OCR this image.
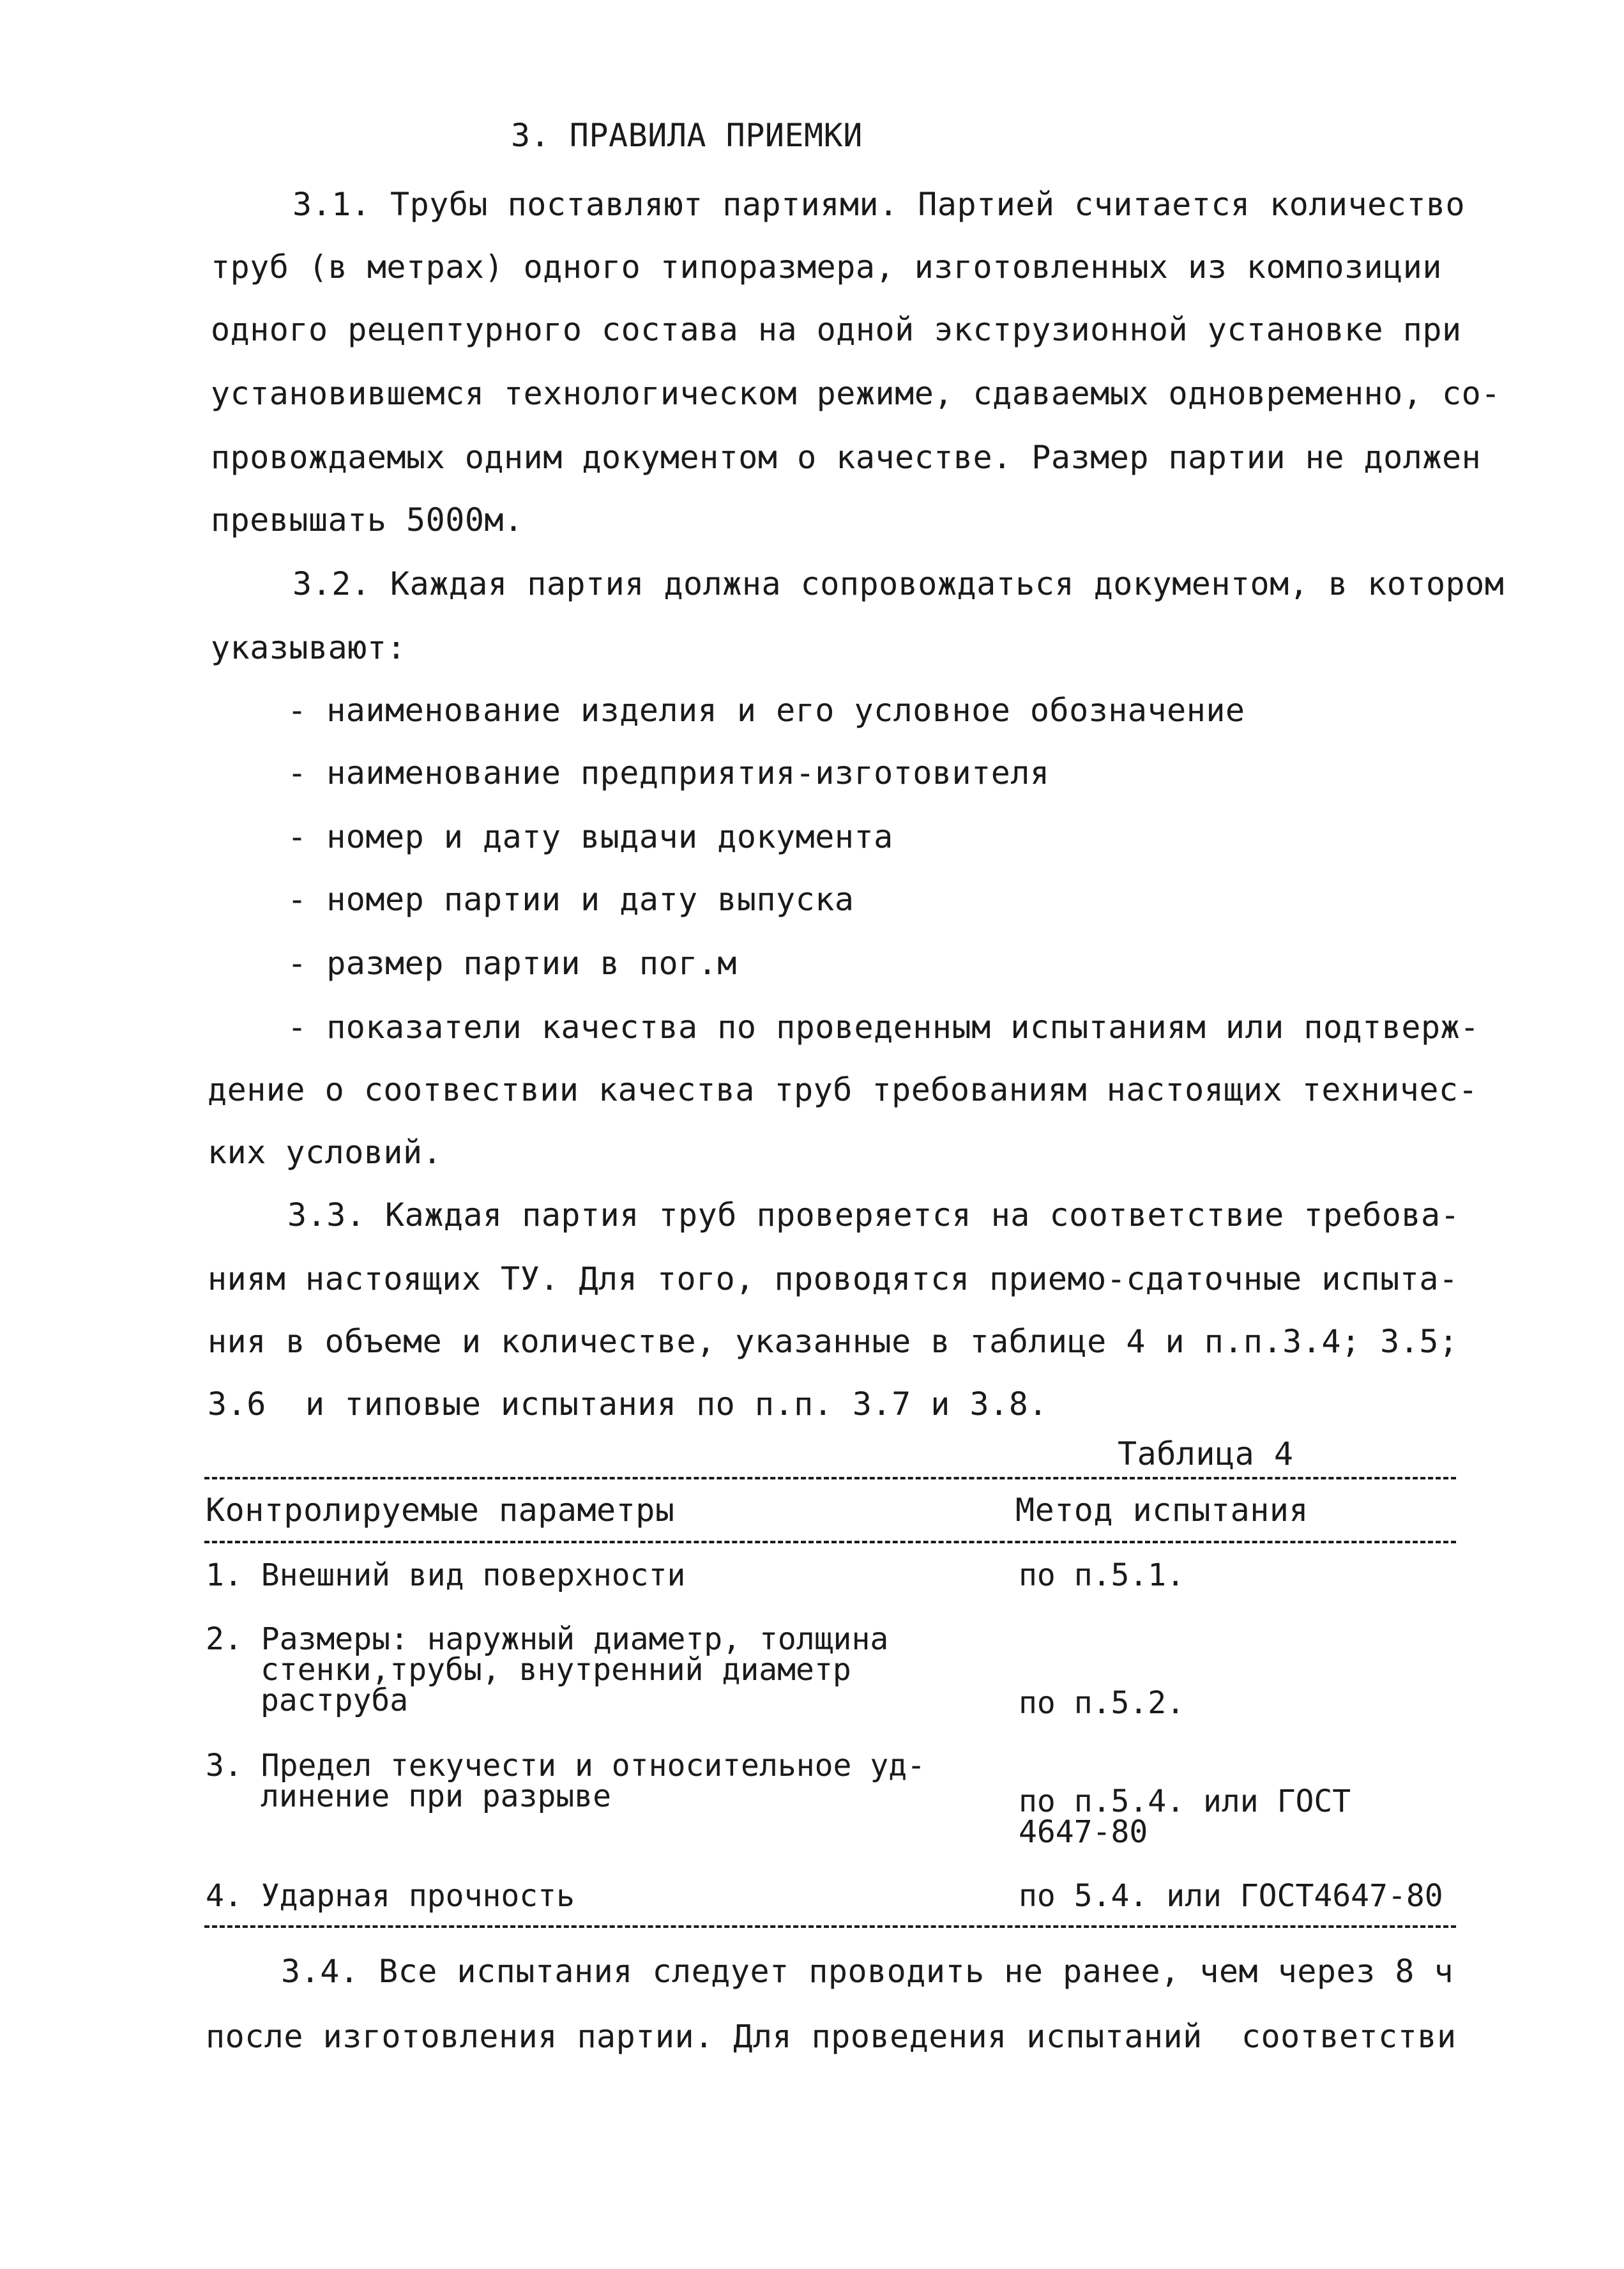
3. ПРАВИЛА ПРИЕМКИ
3.1. Трубы поставляют партиями. Партией считается количество
труб (в метрах) одного типоразмера, изготовленных из композиции
одного рецептурного состава на одной экструзионной установке при
установившемся технологическом режиме, сдаваемых одновременно, со-
провождаемых одним документом о качестве. Размер партии не должен
превышать 5000м.
3.2. Каждая партия должна сопровождаться документом, в котором
указывают:
- наименование изделия и его условное обозначение
- наименование предприятия-изготовителя
- номер и дату выдачи документа
- номер партии и дату выпуска
- размер партии в пог.м
- показатели качества по проведенным испытаниям или подтверж-
дение о соотвествии качества труб требованиям настоящих техничес-
ких условий.
3.3. Каждая партия труб проверяется на соответствие требова-
ниям настоящих ТУ. Для того, проводятся приемо-сдаточные испыта-
ния в объеме и количестве, указанные в таблице 4 и п.п.3.4; 3.5;
3.6  и типовые испытания по п.п. 3.7 и 3.8.
Таблица 4
Контролируемые параметры	Метод испытания
1. Внешний вид поверхности	по п.5.1.
2. Размеры: наружный диаметр, толщина
стенки,трубы, внутренний диаметр
раструба	по п.5.2.
3. Предел текучести и относительное уд-
линение при разрыве	по п.5.4. или ГОСТ
4647-80
4. Ударная прочность	по 5.4. или ГОСТ4647-80
3.4. Все испытания следует проводить не ранее, чем через 8 ч
после изготовления партии. Для проведения испытаний  соответстви
